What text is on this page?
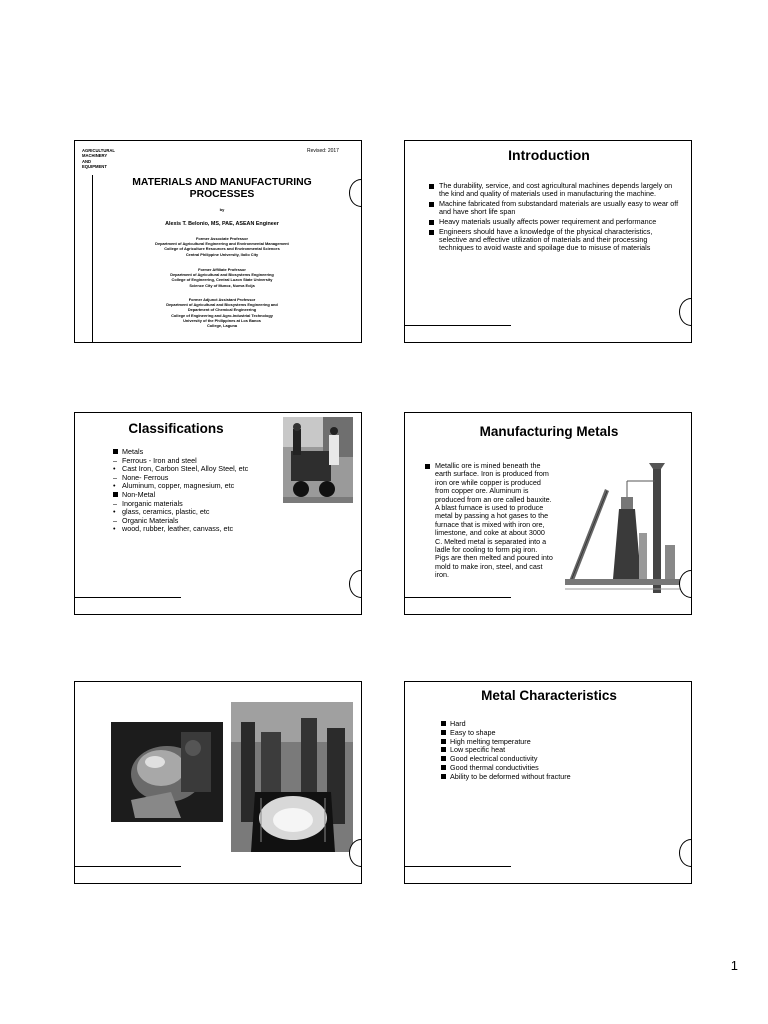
AGRICULTURAL
MACHINERY
AND
EQUIPMENT
Revised: 2017
MATERIALS AND MANUFACTURING
PROCESSES
by
Alexis T. Belonio, MS, PAE, ASEAN Engineer
Former Associate Professor
Department of Agricultural Engineering and Environmental Management
College of Agriculture Resources and Environmental Sciences
Central Philippine University, Iloilo City
Former Affiliate Professor
Department of Agricultural and Biosystems Engineering
College of Engineering, Central Luzon State University
Science City of Munoz, Nueva Ecija
Former Adjunct Assistant Professor
Department of Agricultural and Biosystems Engineering and
Department of Chemical Engineering
College of Engineering and Agro-Industrial Technology
University of the Philippines at Los Banos
College, Laguna
Introduction
The durability, service, and cost agricultural machines depends largely on the kind and quality of materials used in manufacturing the machine.
Machine fabricated from substandard materials are usually easy to wear off and have short life span
Heavy materials usually affects power requirement and performance
Engineers should have a knowledge of the physical characteristics, selective and effective utilization of materials and their processing techniques to avoid waste and spoilage due to misuse of materials
Classifications
Metals
– Ferrous - Iron and steel
• Cast Iron, Carbon Steel, Alloy Steel, etc
– None- Ferrous
• Aluminum, copper, magnesium, etc
Non-Metal
– Inorganic materials
• glass, ceramics, plastic, etc
– Organic Materials
• wood, rubber, leather, canvass, etc
Manufacturing Metals
Metallic ore is mined beneath the earth surface. Iron is produced from iron ore while copper is produced from copper ore. Aluminum is produced from an ore called bauxite. A blast furnace is used to produce metal by passing a hot gases to the furnace that is mixed with iron ore, limestone, and coke at about 3000 C. Melted metal is separated into a ladle for cooling to form pig iron. Pigs are then melted and poured into mold to make iron, steel, and cast iron.
Metal Characteristics
Hard
Easy to shape
High melting temperature
Low specific heat
Good electrical conductivity
Good thermal conductivities
Ability to be deformed without fracture
1
